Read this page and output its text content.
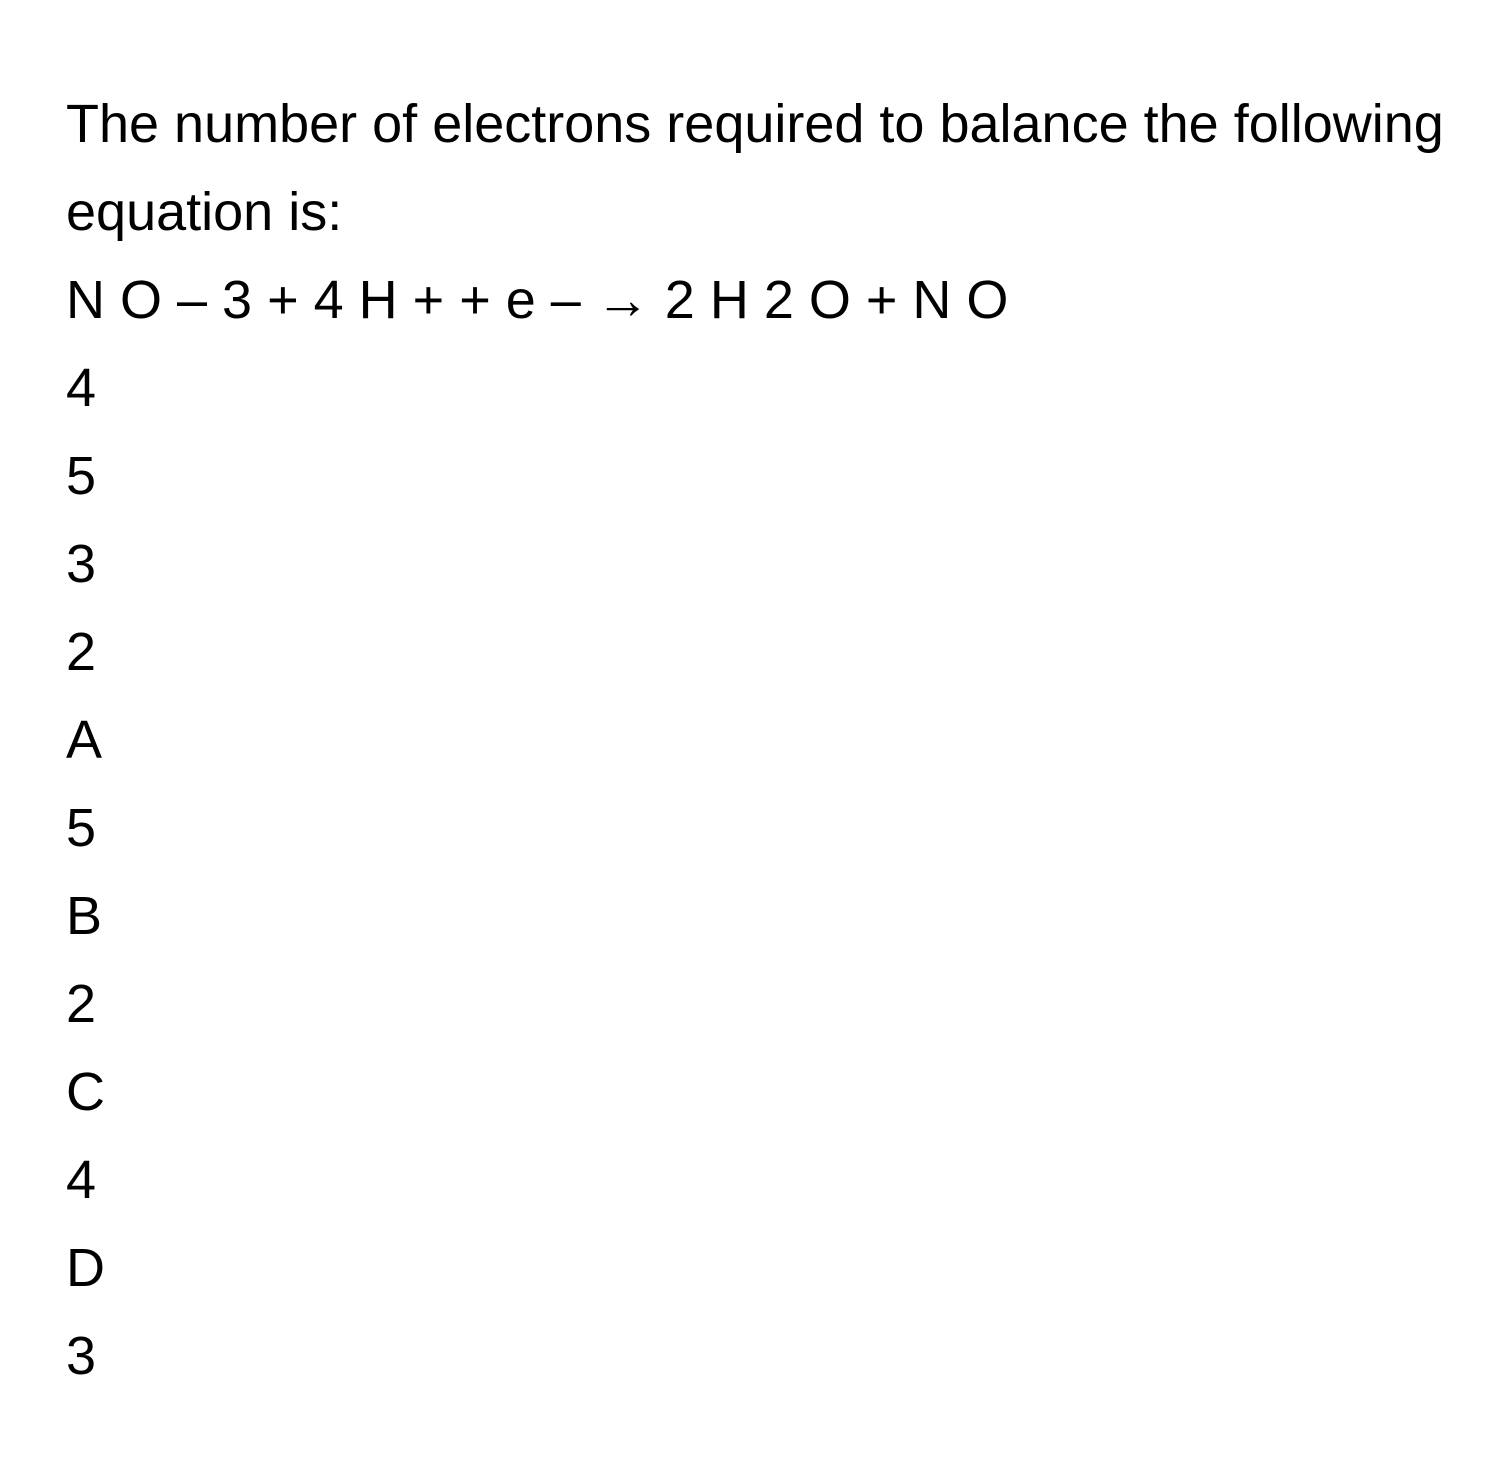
The number of electrons required to balance the following equation is:
N O – 3 + 4 H + + e – → 2 H 2 O + N O
4
5
3
2
A
5
B
2
C
4
D
3
